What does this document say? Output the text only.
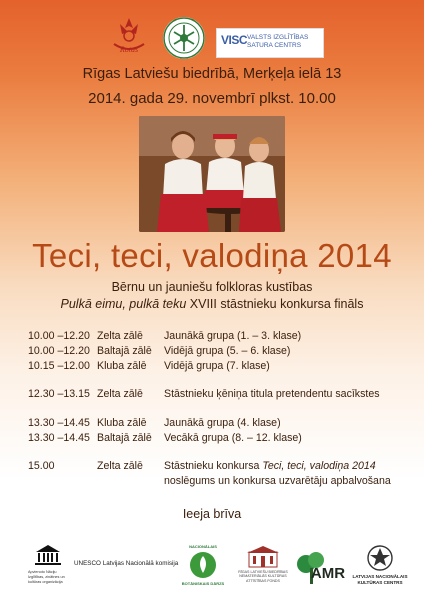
Rotas
VISC VALSTS IZGLĪTĪBAS SATURA CENTRS
Rīgas Latviešu biedrībā, Merķeļa ielā 13
2014. gada 29. novembrī plkst. 10.00
Teci, teci, valodiņa 2014
Bērnu un jauniešu folkloras kustības
Pulkā eimu, pulkā teku XVIII stāstnieku konkursa fināls
10.00 –12.20 Zelta zālē Jaunākā grupa (1. – 3. klase)
10.00 –12.20 Baltajā zālē Vidējā grupa (5. – 6. klase)
10.15 –12.00 Kluba zālē Vidējā grupa (7. klase)
12.30 –13.15 Zelta zālē Stāstnieku ķēniņa titula pretendentu sacīkstes
13.30 –14.45 Kluba zālē Jaunākā grupa (4. klase)
13.30 –14.45 Baltajā zālē Vecākā grupa (8. – 12. klase)
15.00	Zelta zālē Stāstnieku konkursa Teci, teci, valodiņa 2014
noslēgums un konkursa uzvarētāju apbalvošana
Ieeja brīva
Apvienoto Nāciju Izglītības, zinātnes un kultūras organizācija
UNESCO Latvijas Nacionālā komisija
NACIONĀLAIS
BOTĀNISKAIS DĀRZS
RĪGAS LATVIEŠU BIEDRĪBAS NEMATERIĀLĀS KULTŪRAS ATTĪSTĪBAS FONDS	AMR LATVIJAS NACIONĀLAIS KULTŪRAS CENTRS
